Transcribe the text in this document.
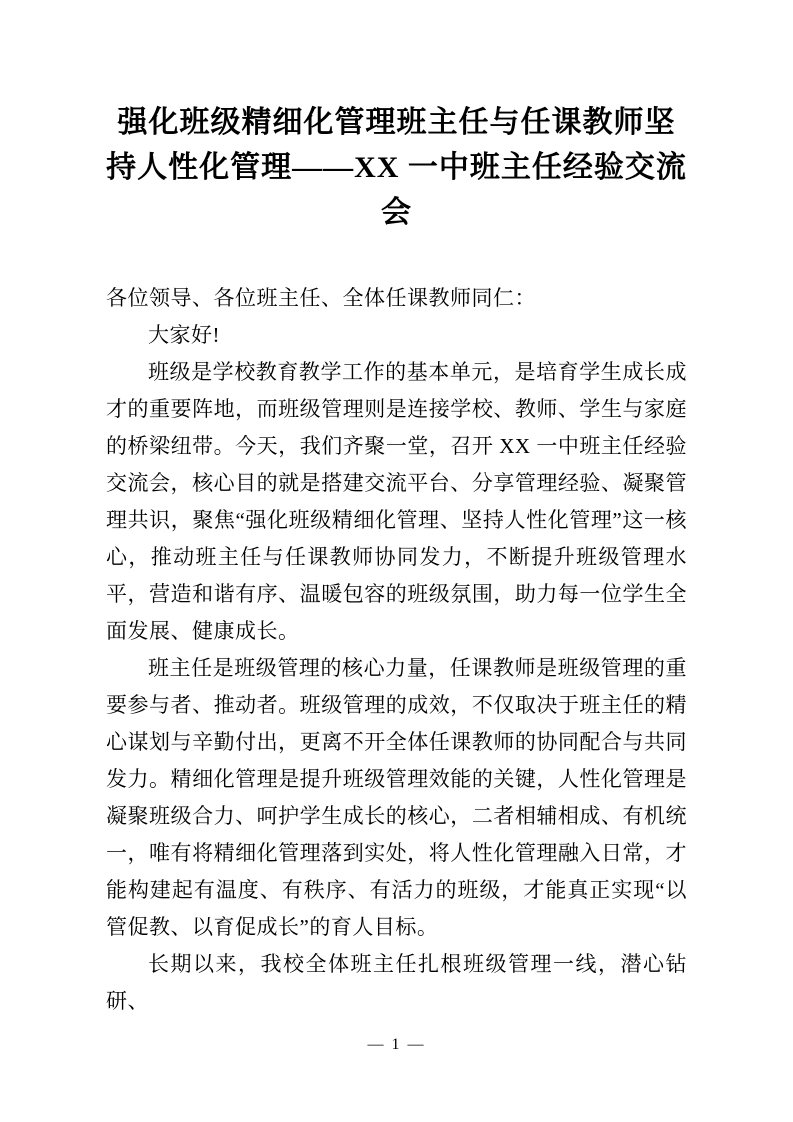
强化班级精细化管理班主任与任课教师坚持人性化管理——XX 一中班主任经验交流会

各位领导、各位班主任、全体任课教师同仁：

大家好!

班级是学校教育教学工作的基本单元，是培育学生成长成才的重要阵地，而班级管理则是连接学校、教师、学生与家庭的桥梁纽带。今天，我们齐聚一堂，召开 XX 一中班主任经验交流会，核心目的就是搭建交流平台、分享管理经验、凝聚管理共识，聚焦“强化班级精细化管理、坚持人性化管理”这一核心，推动班主任与任课教师协同发力，不断提升班级管理水平，营造和谐有序、温暖包容的班级氛围，助力每一位学生全面发展、健康成长。

班主任是班级管理的核心力量，任课教师是班级管理的重要参与者、推动者。班级管理的成效，不仅取决于班主任的精心谋划与辛勤付出，更离不开全体任课教师的协同配合与共同发力。精细化管理是提升班级管理效能的关键，人性化管理是凝聚班级合力、呵护学生成长的核心，二者相辅相成、有机统一，唯有将精细化管理落到实处，将人性化管理融入日常，才能构建起有温度、有秩序、有活力的班级，才能真正实现“以管促教、以育促成长”的育人目标。

长期以来，我校全体班主任扎根班级管理一线，潜心钻研、

— 1 —
